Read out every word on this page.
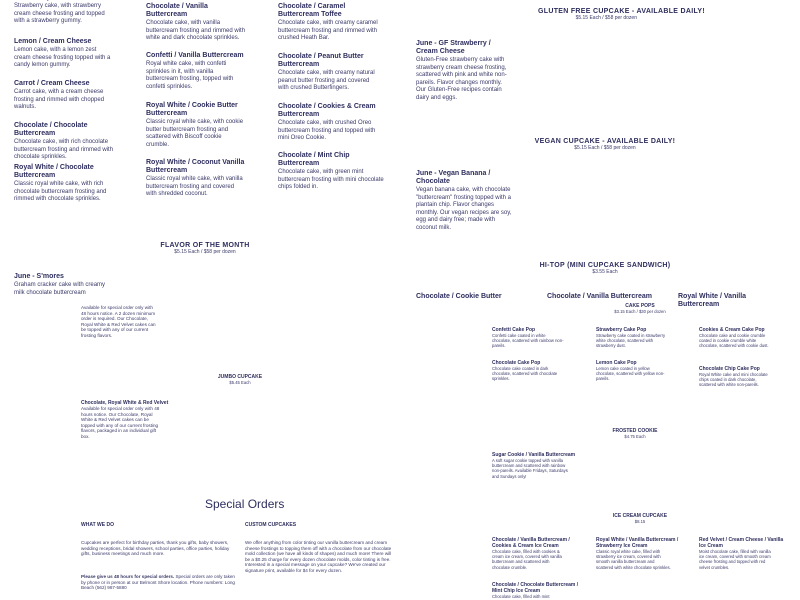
Strawberry cake, with strawberry cream cheese frosting and topped with a strawberry gummy.
Lemon / Cream Cheese
Lemon cake, with a lemon zest cream cheese frosting topped with a candy lemon gummy.
Carrot / Cream Cheese
Carrot cake, with a cream cheese frosting and rimmed with chopped walnuts.
Chocolate / Chocolate Buttercream
Chocolate cake, with rich chocolate buttercream frosting and rimmed with chocolate sprinkles.
Royal White / Chocolate Buttercream
Classic royal white cake, with rich chocolate buttercream frosting and rimmed with chocolate sprinkles.
June - S'mores
Graham cracker cake with creamy milk chocolate buttercream
Chocolate / Vanilla Buttercream
Chocolate cake, with vanilla buttercream frosting and rimmed with white and dark chocolate sprinkles.
Confetti / Vanilla Buttercream
Royal white cake, with confetti sprinkles in it, with vanilla buttercream frosting, topped with confetti sprinkles.
Royal White / Cookie Butter Buttercream
Classic royal white cake, with cookie butter buttercream frosting and scattered with Biscoff cookie crumble.
Royal White / Coconut Vanilla Buttercream
Classic royal white cake, with vanilla buttercream frosting and covered with shredded coconut.
Chocolate / Caramel Buttercream Toffee
Chocolate cake, with creamy caramel buttercream frosting and rimmed with crushed Heath Bar.
Chocolate / Peanut Butter Buttercream
Chocolate cake, with creamy natural peanut butter frosting and covered with crushed Butterfingers.
Chocolate / Cookies & Cream Buttercream
Chocolate cake, with crushed Oreo buttercream frosting and topped with mini Oreo Cookie.
Chocolate / Mint Chip Buttercream
Chocolate cake, with green mint buttercream frosting with mini chocolate chips folded in.
GLUTEN FREE CUPCAKE - AVAILABLE DAILY!
$5.15 Each / $58 per dozen
June - GF Strawberry / Cream Cheese
Gluten-Free strawberry cake with strawberry cream cheese frosting, scattered with pink and white non-pareils. Flavor changes monthly. Our Gluten-Free recipes contain dairy and eggs.
VEGAN CUPCAKE - AVAILABLE DAILY!
$5.15 Each / $58 per dozen
June - Vegan Banana / Chocolate
Vegan banana cake, with chocolate "buttercream" frosting topped with a plantain chip. Flavor changes monthly. Our vegan recipes are soy, egg and dairy free; made with coconut milk.
FLAVOR OF THE MONTH
$5.15 Each / $58 per dozen
HI-TOP (MINI CUPCAKE SANDWICH)
$3.55 Each
Chocolate / Cookie Butter	Chocolate / Vanilla Buttercream	Royal White / Vanilla Buttercream
CAKE POPS
$3.15 Each / $30 per dozen
Confetti Cake Pop
Confetti cake coated in white chocolate, scattered with rainbow non-pareils.
Strawberry Cake Pop
Strawberry cake coated in strawberry white chocolate, scattered with strawberry dust.
Cookies & Cream Cake Pop
Chocolate cake and cookie crumble coated in cookie crumble white chocolate, scattered with cookie dust.
Chocolate Cake Pop
Chocolate cake coated in dark chocolate, scattered with chocolate sprinkles.
Lemon Cake Pop
Lemon cake coated in yellow chocolate, scattered with yellow non-pareils.
Chocolate Chip Cake Pop
Royal White cake and mini chocolate chips coated in dark chocolate, scattered with white non-pareils.
Available for special order only with 48 hours notice. A 2 dozen minimum order is required. Our Chocolate, Royal White & Red Velvet cakes can be topped with any of our current frosting flavors.
JUMBO CUPCAKE
$5.45 Each
Chocolate, Royal White & Red Velvet
Available for special order only with 48 hours notice. Our Chocolate, Royal White & Red Velvet cakes can be topped with any of our current frosting flavors, packaged in an individual gift box.
FROSTED COOKIE
$4.75 Each
Sugar Cookie / Vanilla Buttercream
A soft sugar cookie topped with vanilla buttercream and scattered with rainbow non-pareils. Available Fridays, Saturdays and Sundays only!
Special Orders
WHAT WE DO
Cupcakes are perfect for birthday parties, thank you gifts, baby showers, wedding receptions, bridal showers, school parties, office parties, holiday gifts, business meetings and much more.
Please give us 48 hours for special orders. Special orders are only taken by phone or in person at our Belmont Shore location. Phone numbers: Long Beach (562) 987-5880
CUSTOM CUPCAKES
We offer anything from color tinting our vanilla buttercream and cream cheese frostings to topping them off with a chocolate from our chocolate mold collection (we have all kinds of shapes) and much more! There will be a $0.25 charge for every dozen chocolate molds, color tinting is free. Interested in a special message on your cupcake? We've created our signature print, available for $4 for every dozen.
ICE CREAM CUPCAKE
$8.15
Chocolate / Vanilla Buttercream / Cookies & Cream Ice Cream
Chocolate cake, filled with cookies & cream ice cream, covered with vanilla buttercream and scattered with chocolate crumble.
Royal White / Vanilla Buttercream / Strawberry Ice Cream
Classic royal white cake, filled with strawberry ice cream, covered with smooth vanilla buttercream and scattered with white chocolate sprinkles.
Red Velvet / Cream Cheese / Vanilla Ice Cream
Moist chocolate cake, filled with vanilla ice cream, covered with smooth cream cheese frosting and topped with red velvet crumbles.
Chocolate / Chocolate Buttercream / Mint Chip Ice Cream
Chocolate cake, filled with mint
